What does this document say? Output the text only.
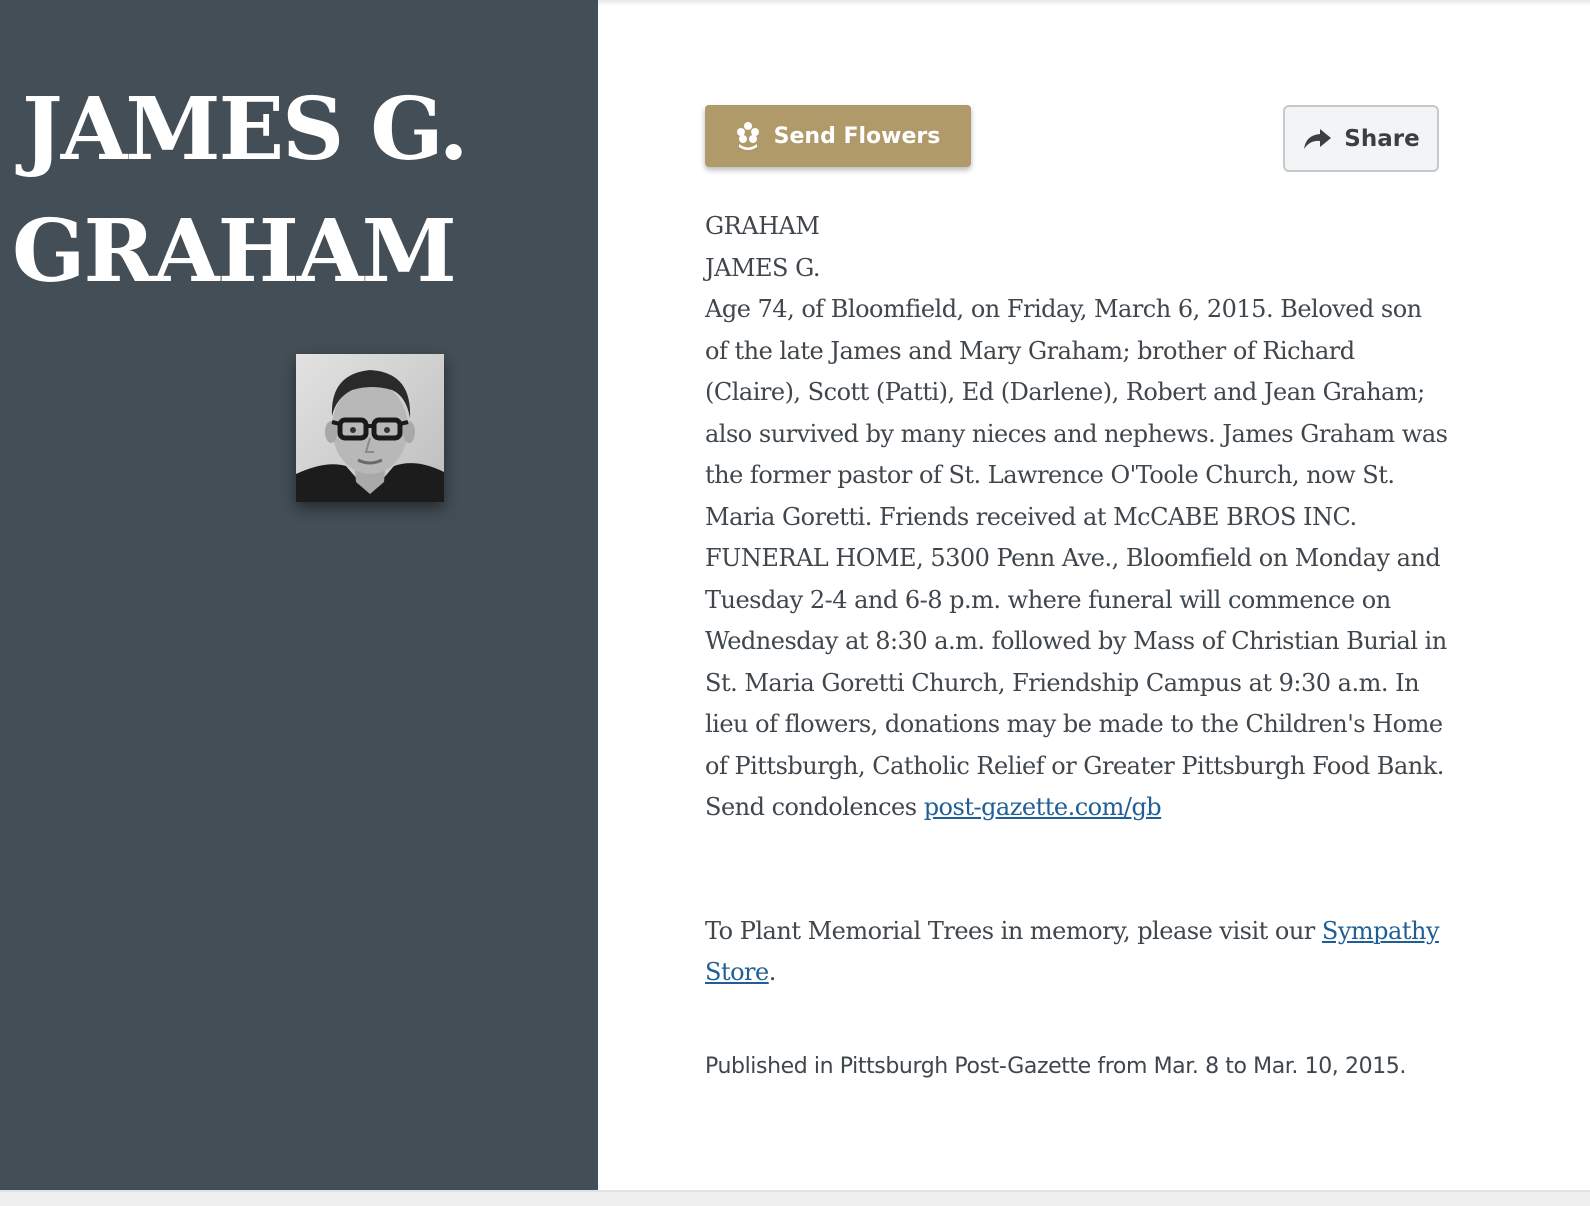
JAMES G.
GRAHAM
Send Flowers	Share

GRAHAM

JAMES G.

Age 74, of Bloomfield, on Friday, March 6, 2015. Beloved son of the late James and Mary Graham; brother of Richard (Claire), Scott (Patti), Ed (Darlene), Robert and Jean Graham; also survived by many nieces and nephews. James Graham was the former pastor of St. Lawrence O'Toole Church, now St. Maria Goretti. Friends received at McCABE BROS INC. FUNERAL HOME, 5300 Penn Ave., Bloomfield on Monday and Tuesday 2-4 and 6-8 p.m. where funeral will commence on Wednesday at 8:30 a.m. followed by Mass of Christian Burial in St. Maria Goretti Church, Friendship Campus at 9:30 a.m. In lieu of flowers, donations may be made to the Children's Home of Pittsburgh, Catholic Relief or Greater Pittsburgh Food Bank.

Send condolences post-gazette.com/gb

To Plant Memorial Trees in memory, please visit our Sympathy Store.

Published in Pittsburgh Post-Gazette from Mar. 8 to Mar. 10, 2015.
